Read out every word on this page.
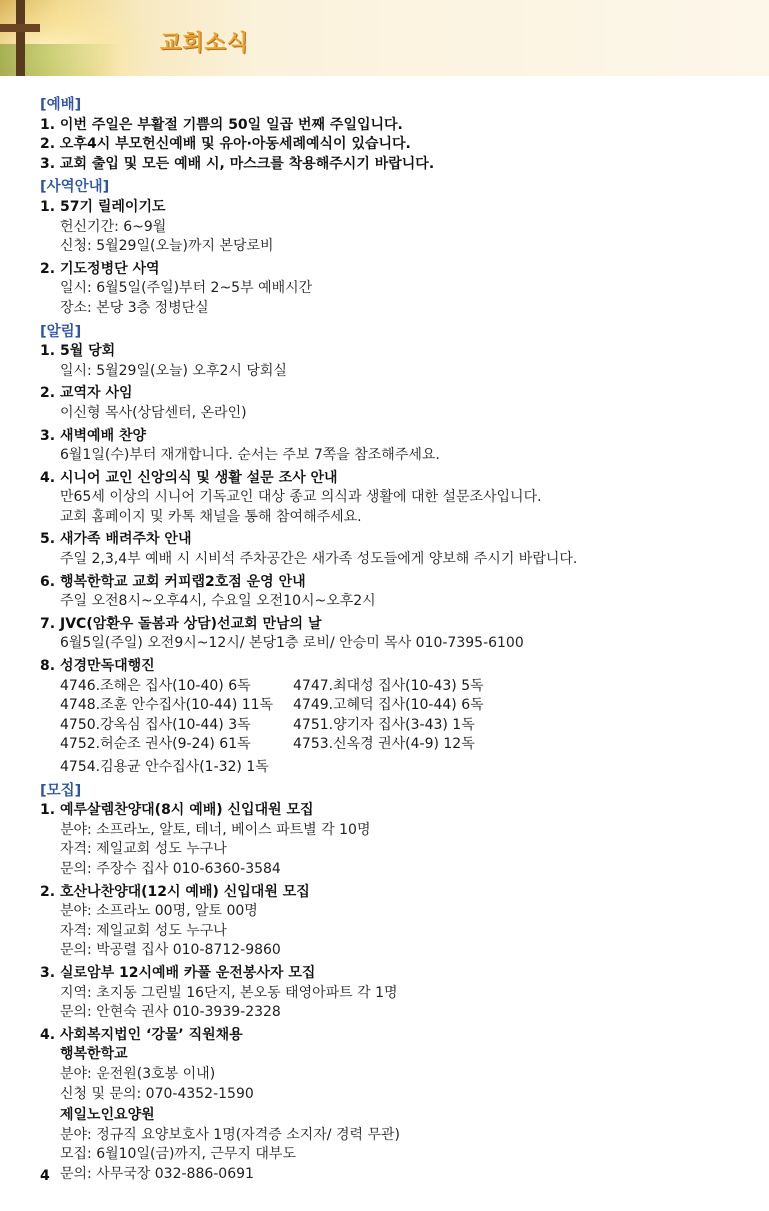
교회소식
[예배]
1. 이번 주일은 부활절 기쁨의 50일 일곱 번째 주일입니다.
2. 오후4시 부모헌신예배 및 유아·아동세례예식이 있습니다.
3. 교회 출입 및 모든 예배 시, 마스크를 착용해주시기 바랍니다.
[사역안내]
1. 57기 릴레이기도
헌신기간: 6~9월
신청: 5월29일(오늘)까지 본당로비
2. 기도정병단 사역
일시: 6월5일(주일)부터 2~5부 예배시간
장소: 본당 3층 정병단실
[알림]
1. 5월 당회
일시: 5월29일(오늘) 오후2시 당회실
2. 교역자 사임
이신형 목사(상담센터, 온라인)
3. 새벽예배 찬양
6월1일(수)부터 재개합니다. 순서는 주보 7쪽을 참조해주세요.
4. 시니어 교인 신앙의식 및 생활 설문 조사 안내
만65세 이상의 시니어 기독교인 대상 종교 의식과 생활에 대한 설문조사입니다.
교회 홈페이지 및 카톡 채널을 통해 참여해주세요.
5. 새가족 배려주차 안내
주일 2,3,4부 예배 시 시비석 주차공간은 새가족 성도들에게 양보해 주시기 바랍니다.
6. 행복한학교 교회 커피랩2호점 운영 안내
주일 오전8시~오후4시, 수요일 오전10시~오후2시
7. JVC(암환우 돌봄과 상담)선교회 만남의 날
6월5일(주일) 오전9시~12시/ 본당1층 로비/ 안승미 목사 010-7395-6100
8. 성경만독대행진
4746.조해은 집사(10-40) 6독	4747.최대성 집사(10-43) 5독
4748.조훈 안수집사(10-44) 11독	4749.고혜덕 집사(10-44) 6독
4750.강옥심 집사(10-44) 3독	4751.양기자 집사(3-43) 1독
4752.허순조 권사(9-24) 61독	4753.신옥경 권사(4-9) 12독
4754.김용균 안수집사(1-32) 1독
[모집]
1. 예루살렘찬양대(8시 예배) 신입대원 모집
분야: 소프라노, 알토, 테너, 베이스 파트별 각 10명
자격: 제일교회 성도 누구나
문의: 주장수 집사 010-6360-3584
2. 호산나찬양대(12시 예배) 신입대원 모집
분야: 소프라노 00명, 알토 00명
자격: 제일교회 성도 누구나
문의: 박공렬 집사 010-8712-9860
3. 실로암부 12시예배 카풀 운전봉사자 모집
지역: 초지동 그린빌 16단지, 본오동 태영아파트 각 1명
문의: 안현숙 권사 010-3939-2328
4. 사회복지법인 ‘강물’ 직원채용
행복한학교
분야: 운전원(3호봉 이내)
신청 및 문의: 070-4352-1590
제일노인요양원
분야: 정규직 요양보호사 1명(자격증 소지자/ 경력 무관)
모집: 6월10일(금)까지, 근무지 대부도
문의: 사무국장 032-886-0691
4
